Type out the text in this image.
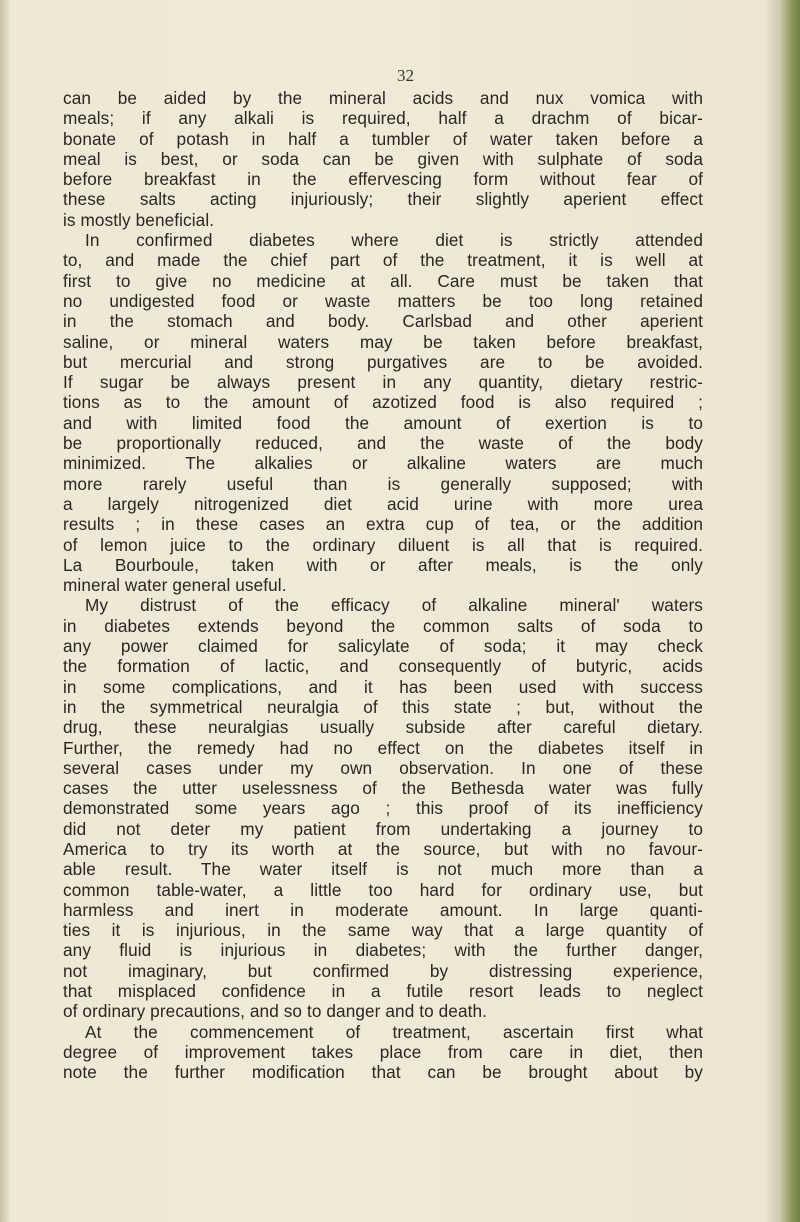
32
can be aided by the mineral acids and nux vomica with
meals; if any alkali is required, half a drachm of bicar-
bonate of potash in half a tumbler of water taken before a
meal is best, or soda can be given with sulphate of soda
before breakfast in the effervescing form without fear of
these salts acting injuriously; their slightly aperient effect
is mostly beneficial.
In confirmed diabetes where diet is strictly attended
to, and made the chief part of the treatment, it is well at
first to give no medicine at all. Care must be taken that
no undigested food or waste matters be too long retained
in the stomach and body. Carlsbad and other aperient
saline, or mineral waters may be taken before breakfast,
but mercurial and strong purgatives are to be avoided.
If sugar be always present in any quantity, dietary restric-
tions as to the amount of azotized food is also required ;
and with limited food the amount of exertion is to
be proportionally reduced, and the waste of the body
minimized. The alkalies or alkaline waters are much
more rarely useful than is generally supposed; with
a largely nitrogenized diet acid urine with more urea
results ; in these cases an extra cup of tea, or the addition
of lemon juice to the ordinary diluent is all that is required.
La Bourboule, taken with or after meals, is the only
mineral water general useful.
My distrust of the efficacy of alkaline mineral' waters
in diabetes extends beyond the common salts of soda to
any power claimed for salicylate of soda; it may check
the formation of lactic, and consequently of butyric, acids
in some complications, and it has been used with success
in the symmetrical neuralgia of this state ; but, without the
drug, these neuralgias usually subside after careful dietary.
Further, the remedy had no effect on the diabetes itself in
several cases under my own observation. In one of these
cases the utter uselessness of the Bethesda water was fully
demonstrated some years ago ; this proof of its inefficiency
did not deter my patient from undertaking a journey to
America to try its worth at the source, but with no favour-
able result. The water itself is not much more than a
common table-water, a little too hard for ordinary use, but
harmless and inert in moderate amount. In large quanti-
ties it is injurious, in the same way that a large quantity of
any fluid is injurious in diabetes; with the further danger,
not imaginary, but confirmed by distressing experience,
that misplaced confidence in a futile resort leads to neglect
of ordinary precautions, and so to danger and to death.
At the commencement of treatment, ascertain first what
degree of improvement takes place from care in diet, then
note the further modification that can be brought about by
